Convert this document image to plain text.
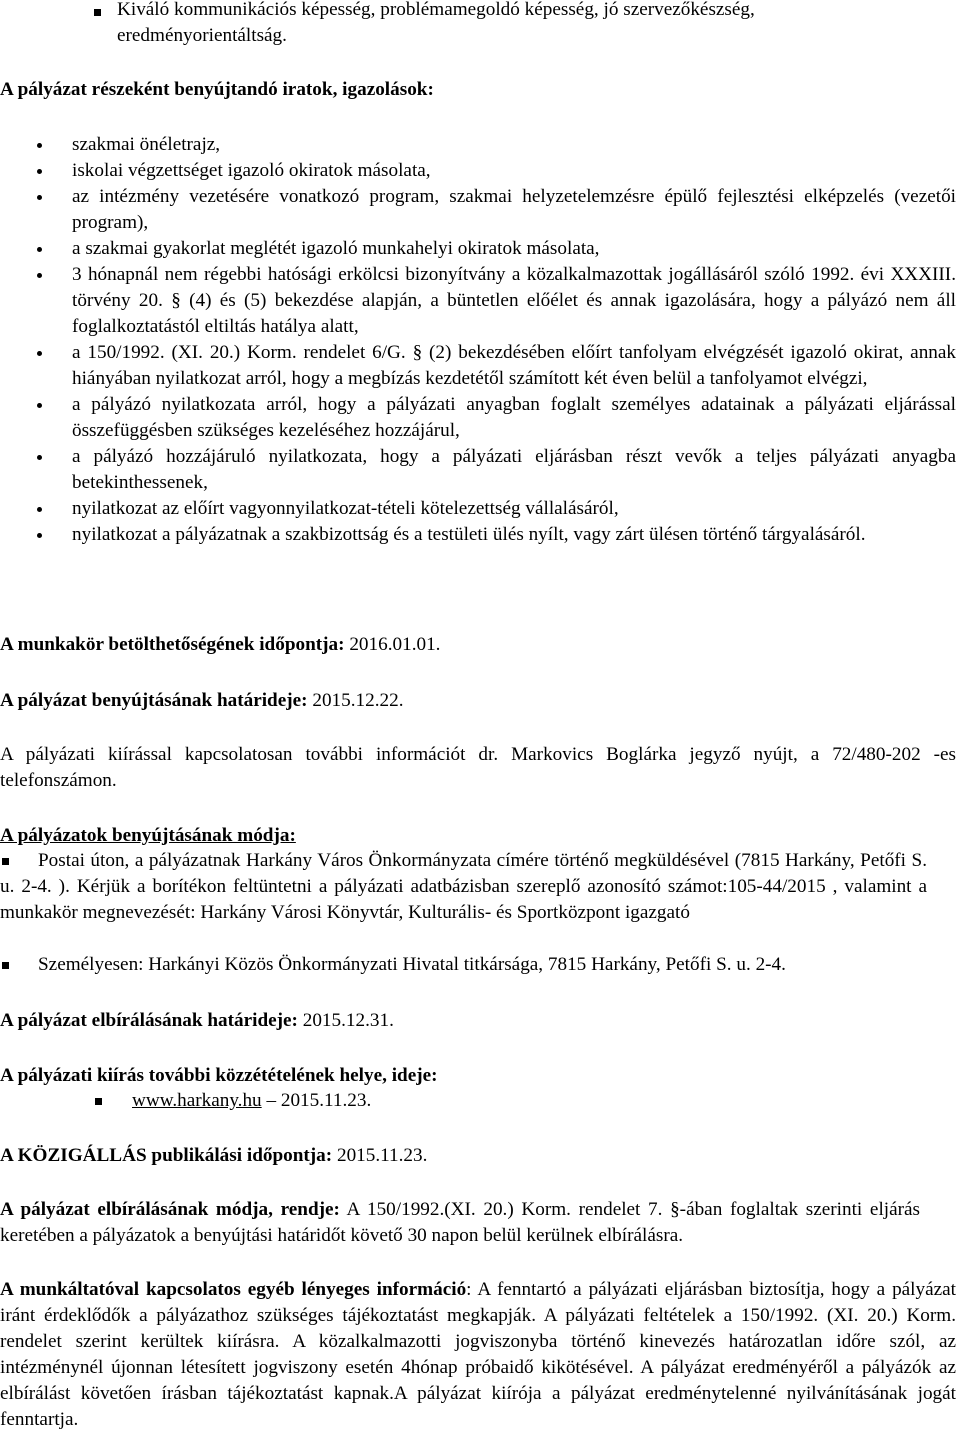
Kiváló kommunikációs képesség, problémamegoldó képesség, jó szervezőkészség,
eredményorientáltság.

A pályázat részeként benyújtandó iratok, igazolások:

szakmai önéletrajz,
iskolai végzettséget igazoló okiratok másolata,
az intézmény vezetésére vonatkozó program, szakmai helyzetelemzésre épülő fejlesztési elképzelés (vezetői program),
a szakmai gyakorlat meglétét igazoló munkahelyi okiratok másolata,
3 hónapnál nem régebbi hatósági erkölcsi bizonyítvány a közalkalmazottak jogállásáról szóló 1992. évi XXXIII. törvény 20. § (4) és (5) bekezdése alapján, a büntetlen előélet és annak igazolására, hogy a pályázó nem áll foglalkoztatástól eltiltás hatálya alatt,
a 150/1992. (XI. 20.) Korm. rendelet 6/G. § (2) bekezdésében előírt tanfolyam elvégzését igazoló okirat, annak hiányában nyilatkozat arról, hogy a megbízás kezdetétől számított két éven belül a tanfolyamot elvégzi,
a pályázó nyilatkozata arról, hogy a pályázati anyagban foglalt személyes adatainak a pályázati eljárással összefüggésben szükséges kezeléséhez hozzájárul,
a pályázó hozzájáruló nyilatkozata, hogy a pályázati eljárásban részt vevők a teljes pályázati anyagba betekinthessenek,
nyilatkozat az előírt vagyonnyilatkozat-tételi kötelezettség vállalásáról,
nyilatkozat a pályázatnak a szakbizottság és a testületi ülés nyílt, vagy zárt ülésen történő tárgyalásáról.

A munkakör betölthetőségének időpontja: 2016.01.01.

A pályázat benyújtásának határideje: 2015.12.22.

A pályázati kiírással kapcsolatosan további információt dr. Markovics Boglárka jegyző nyújt, a 72/480-202 -es telefonszámon.

A pályázatok benyújtásának módja:

Postai úton, a pályázatnak Harkány Város Önkormányzata címére történő megküldésével (7815 Harkány, Petőfi S. u. 2-4. ). Kérjük a borítékon feltüntetni a pályázati adatbázisban szereplő azonosító számot:105-44/2015 , valamint a munkakör megnevezését: Harkány Városi Könyvtár, Kulturális- és Sportközpont igazgató

Személyesen: Harkányi Közös Önkormányzati Hivatal titkársága, 7815 Harkány, Petőfi S. u. 2-4.

A pályázat elbírálásának határideje: 2015.12.31.

A pályázati kiírás további közzétételének helye, ideje:

www.harkany.hu – 2015.11.23.

A KÖZIGÁLLÁS publikálási időpontja: 2015.11.23.

A pályázat elbírálásának módja, rendje: A 150/1992.(XI. 20.) Korm. rendelet 7. §-ában foglaltak szerinti eljárás keretében a pályázatok a benyújtási határidőt követő 30 napon belül kerülnek elbírálásra.

A munkáltatóval kapcsolatos egyéb lényeges információ: A fenntartó a pályázati eljárásban biztosítja, hogy a pályázat iránt érdeklődők a pályázathoz szükséges tájékoztatást megkapják. A pályázati feltételek a 150/1992. (XI. 20.) Korm. rendelet szerint kerültek kiírásra. A közalkalmazotti jogviszonyba történő kinevezés határozatlan időre szól, az intézménynél újonnan létesített jogviszony esetén 4hónap próbaidő kikötésével. A pályázat eredményéről a pályázók az elbírálást követően írásban tájékoztatást kapnak.A pályázat kiírója a pályázat eredménytelenné nyilvánításának jogát fenntartja.
